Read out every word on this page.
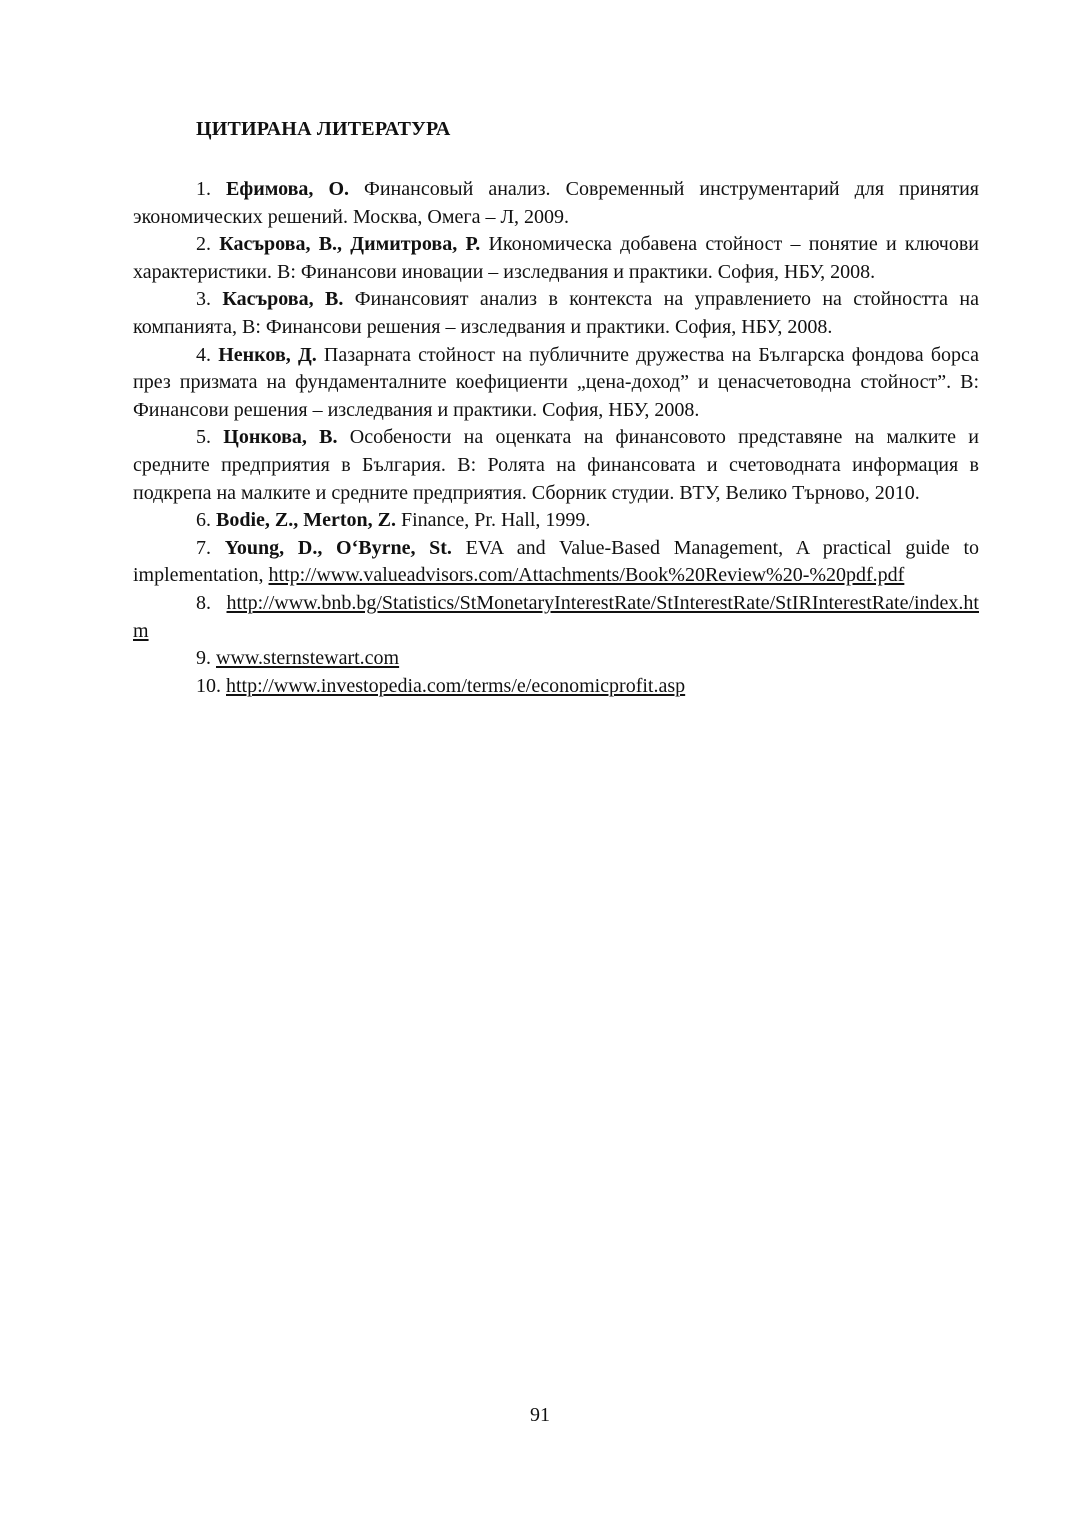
ЦИТИРАНА ЛИТЕРАТУРА
1. Ефимова, О. Финансовый анализ. Современный инструментарий для принятия экономических решений. Москва, Омега – Л, 2009.
2. Касърова, В., Димитрова, Р. Икономическа добавена стойност – понятие и ключови характеристики. В: Финансови иновации – изследвания и практики. София, НБУ, 2008.
3. Касърова, В. Финансовият анализ в контекста на управлението на стойността на компанията, В: Финансови решения – изследвания и практики. София, НБУ, 2008.
4. Ненков, Д. Пазарната стойност на публичните дружества на Българска фондова борса през призмата на фундаменталните коефициенти „цена-доход” и ценасчетоводна стойност”. В: Финансови решения – изследвания и практики. София, НБУ, 2008.
5. Цонкова, В. Особености на оценката на финансовото представяне на малките и средните предприятия в България. В: Ролята на финансовата и счетоводната информация в подкрепа на малките и средните предприятия. Сборник студии. ВТУ, Велико Търново, 2010.
6. Bodie, Z., Merton, Z. Finance, Pr. Hall, 1999.
7. Young, D., O‘Byrne, St. EVA and Value-Based Management, A practical guide to implementation, http://www.valueadvisors.com/Attachments/Book%20Review%20-%20pdf.pdf
8. http://www.bnb.bg/Statistics/StMonetaryInterestRate/StInterestRate/StIRInterestRate/index.htm
9. www.sternstewart.com
10. http://www.investopedia.com/terms/e/economicprofit.asp

91
